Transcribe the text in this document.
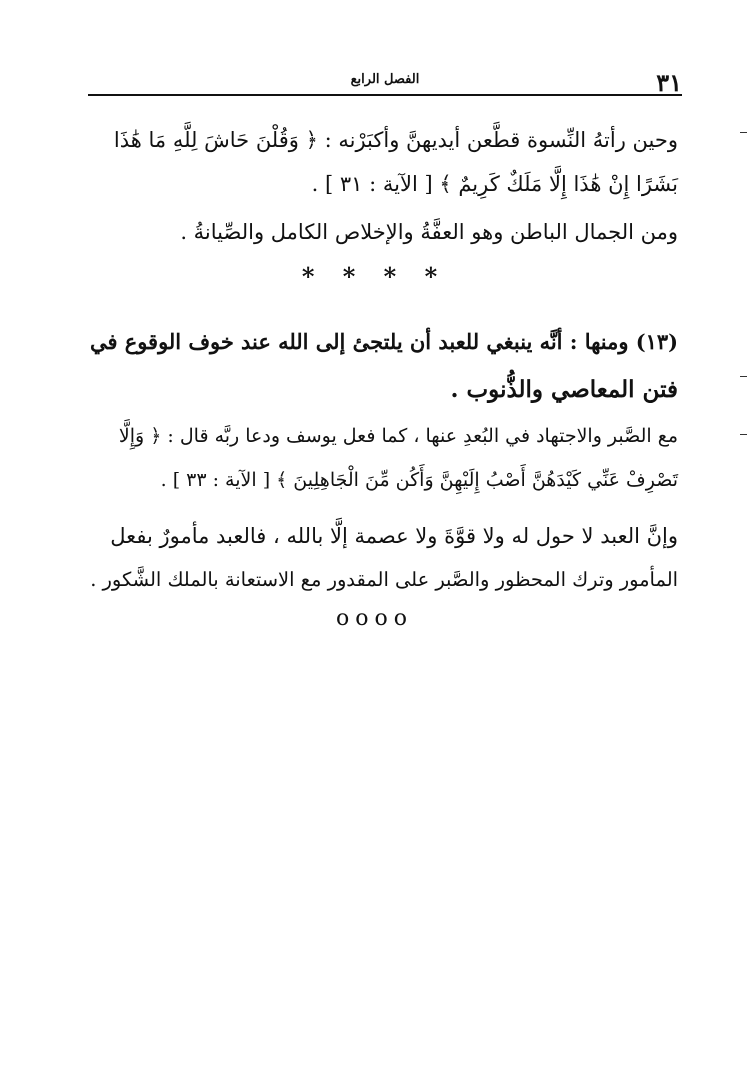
٣١
الفصل الرابع
وحين رأتهُ النِّسوة قطَّعن أيديهنَّ وأكبَرْنه : ﴿ وَقُلْنَ حَاشَ لِلَّهِ مَا هَٰذَا
بَشَرًا إِنْ هَٰذَا إِلَّا مَلَكٌ كَرِيمٌ ﴾ [ الآية : ٣١ ] .
ومن الجمال الباطن وهو العفَّةُ والإخلاص الكامل والصِّيانةُ .
* * * *
(١٣) ومنها : أنَّه ينبغي للعبد أن يلتجئ إلى الله عند خوف الوقوع في
فتن المعاصي والذُّنوب .
مع الصَّبر والاجتهاد في البُعدِ عنها ، كما فعل يوسف ودعا ربَّه قال : ﴿ وَإِلَّا
تَصْرِفْ عَنِّي كَيْدَهُنَّ أَصْبُ إِلَيْهِنَّ وَأَكُن مِّنَ الْجَاهِلِينَ ﴾ [ الآية : ٣٣ ] .
وإنَّ العبد لا حول له ولا قوَّةَ ولا عصمة إلَّا بالله ، فالعبد مأمورٌ بفعل
المأمور وترك المحظور والصَّبر على المقدور مع الاستعانة بالملك الشَّكور .
oooo
